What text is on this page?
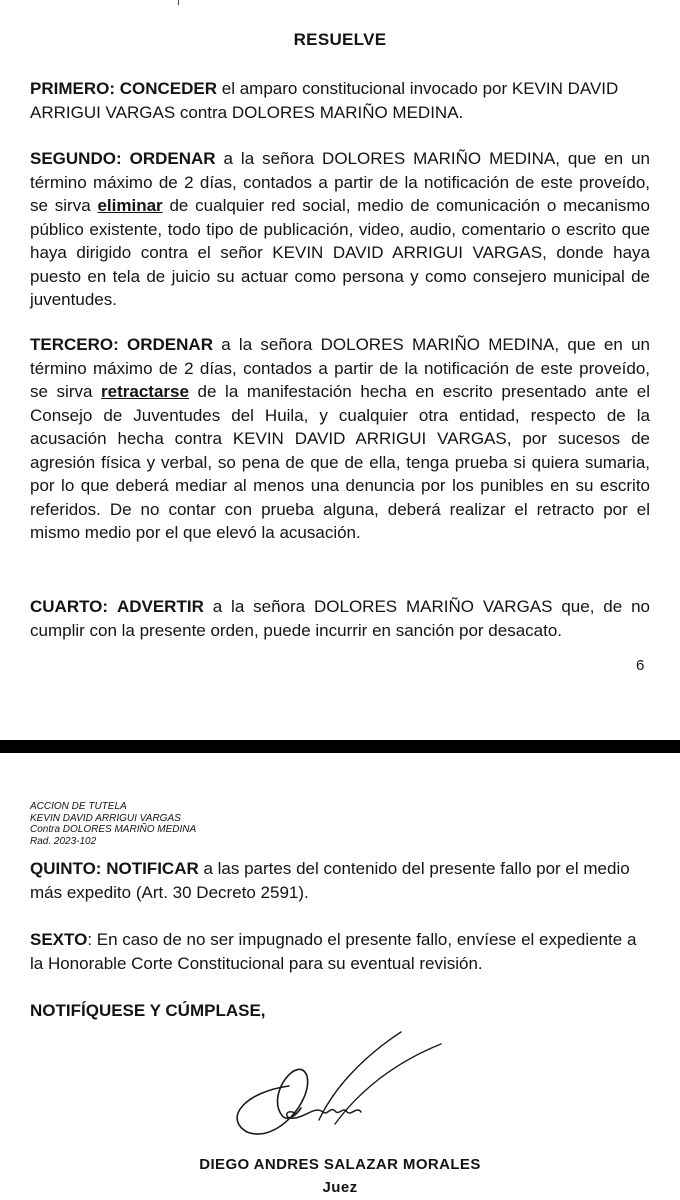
RESUELVE

PRIMERO: CONCEDER el amparo constitucional invocado por KEVIN DAVID ARRIGUI VARGAS contra DOLORES MARIÑO MEDINA.

SEGUNDO: ORDENAR a la señora DOLORES MARIÑO MEDINA, que en un término máximo de 2 días, contados a partir de la notificación de este proveído, se sirva eliminar de cualquier red social, medio de comunicación o mecanismo público existente, todo tipo de publicación, video, audio, comentario o escrito que haya dirigido contra el señor KEVIN DAVID ARRIGUI VARGAS, donde haya puesto en tela de juicio su actuar como persona y como consejero municipal de juventudes.

TERCERO: ORDENAR a la señora DOLORES MARIÑO MEDINA, que en un término máximo de 2 días, contados a partir de la notificación de este proveído, se sirva retractarse de la manifestación hecha en escrito presentado ante el Consejo de Juventudes del Huila, y cualquier otra entidad, respecto de la acusación hecha contra KEVIN DAVID ARRIGUI VARGAS, por sucesos de agresión física y verbal, so pena de que de ella, tenga prueba si quiera sumaria, por lo que deberá mediar al menos una denuncia por los punibles en su escrito referidos. De no contar con prueba alguna, deberá realizar el retracto por el mismo medio por el que elevó la acusación.

CUARTO: ADVERTIR a la señora DOLORES MARIÑO VARGAS que, de no cumplir con la presente orden, puede incurrir en sanción por desacato.

6
ACCION DE TUTELA
KEVIN DAVID ARRIGUI VARGAS
Contra DOLORES MARIÑO MEDINA
Rad. 2023-102

QUINTO: NOTIFICAR a las partes del contenido del presente fallo por el medio más expedito (Art. 30 Decreto 2591).

SEXTO: En caso de no ser impugnado el presente fallo, envíese el expediente a la Honorable Corte Constitucional para su eventual revisión.

NOTIFÍQUESE Y CÚMPLASE,

DIEGO ANDRES SALAZAR MORALES
Juez
